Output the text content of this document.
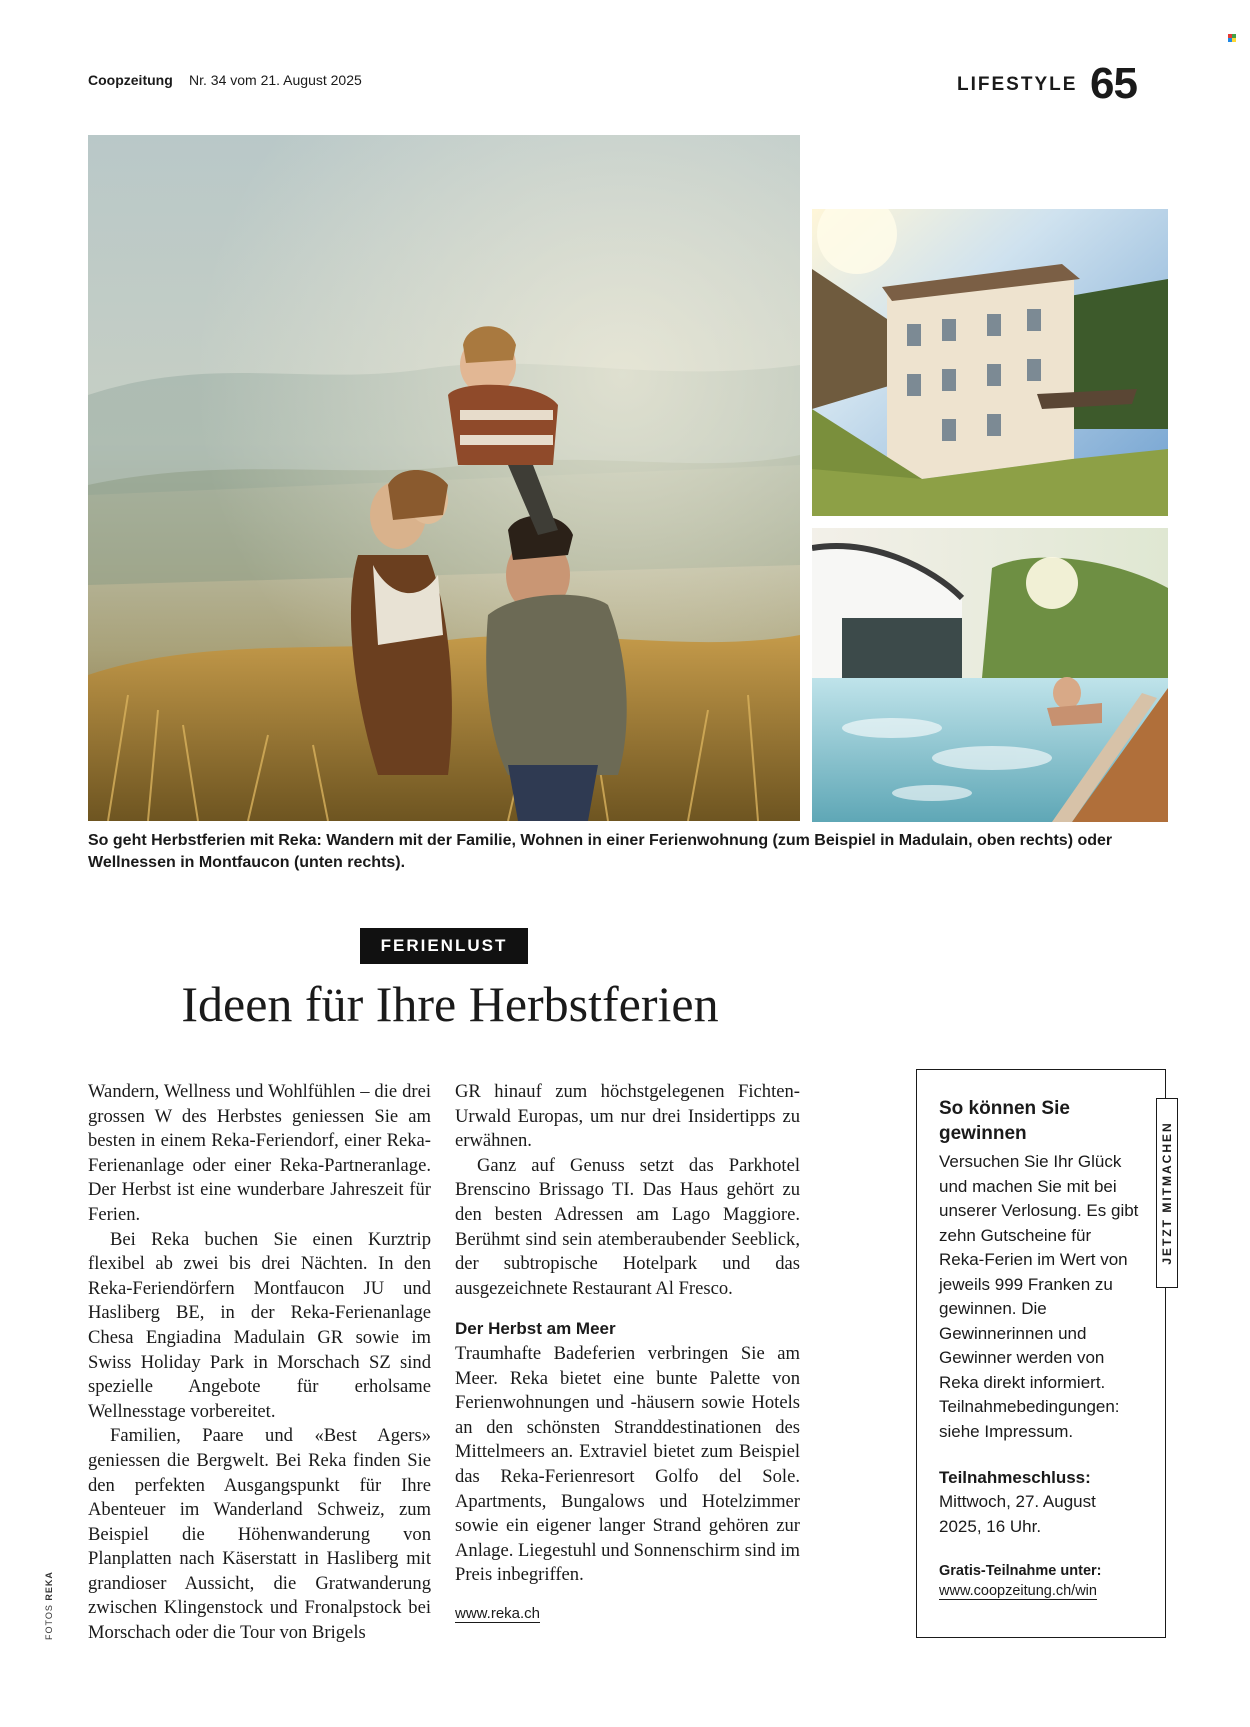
Coopzeitung Nr. 34 vom 21. August 2025	LIFESTYLE 65
So geht Herbstferien mit Reka: Wandern mit der Familie, Wohnen in einer Ferienwohnung (zum Beispiel in Madulain, oben rechts) oder Wellnessen in Montfaucon (unten rechts).
FERIENLUST
Ideen für Ihre Herbstferien

Wandern, Wellness und Wohlfühlen – die drei grossen W des Herbstes geniessen Sie am besten in einem Reka-Feriendorf, einer Reka-Ferienanlage oder einer Reka-Partneranlage. Der Herbst ist eine wunderbare Jahreszeit für Ferien.

Bei Reka buchen Sie einen Kurztrip flexibel ab zwei bis drei Nächten. In den Reka-Feriendörfern Montfaucon JU und Hasliberg BE, in der Reka-Ferienanlage Chesa Engiadina Madulain GR sowie im Swiss Holiday Park in Morschach SZ sind spezielle Angebote für erholsame Wellnesstage vorbereitet.

Familien, Paare und «Best Agers» geniessen die Bergwelt. Bei Reka finden Sie den perfekten Ausgangspunkt für Ihre Abenteuer im Wanderland Schweiz, zum Beispiel die Höhenwanderung von Planplatten nach Käserstatt in Hasliberg mit grandioser Aussicht, die Gratwanderung zwischen Klingenstock und Fronalpstock bei Morschach oder die Tour von Brigels

GR hinauf zum höchstgelegenen Fichten-Urwald Europas, um nur drei Insidertipps zu erwähnen.

Ganz auf Genuss setzt das Parkhotel Brenscino Brissago TI. Das Haus gehört zu den besten Adressen am Lago Maggiore. Berühmt sind sein atemberaubender Seeblick, der subtropische Hotelpark und das ausgezeichnete Restaurant Al Fresco.

Der Herbst am Meer

Traumhafte Badeferien verbringen Sie am Meer. Reka bietet eine bunte Palette von Ferienwohnungen und -häusern sowie Hotels an den schönsten Stranddestinationen des Mittelmeers an. Extraviel bietet zum Beispiel das Reka-Ferienresort Golfo del Sole. Apartments, Bungalows und Hotelzimmer sowie ein eigener langer Strand gehören zur Anlage. Liegestuhl und Sonnenschirm sind im Preis inbegriffen.

www.reka.ch

So können Sie gewinnen
Versuchen Sie Ihr Glück und machen Sie mit bei unserer Verlosung. Es gibt zehn Gutscheine für Reka-Ferien im Wert von jeweils 999 Franken zu gewinnen. Die Gewinnerinnen und Gewinner werden von Reka direkt informiert. Teilnahmebedingungen: siehe Impressum.
Teilnahmeschluss:
Mittwoch, 27. August 2025, 16 Uhr.
Gratis-Teilnahme unter:
www.coopzeitung.ch/win
JETZT MITMACHEN
FOTOS REKA
